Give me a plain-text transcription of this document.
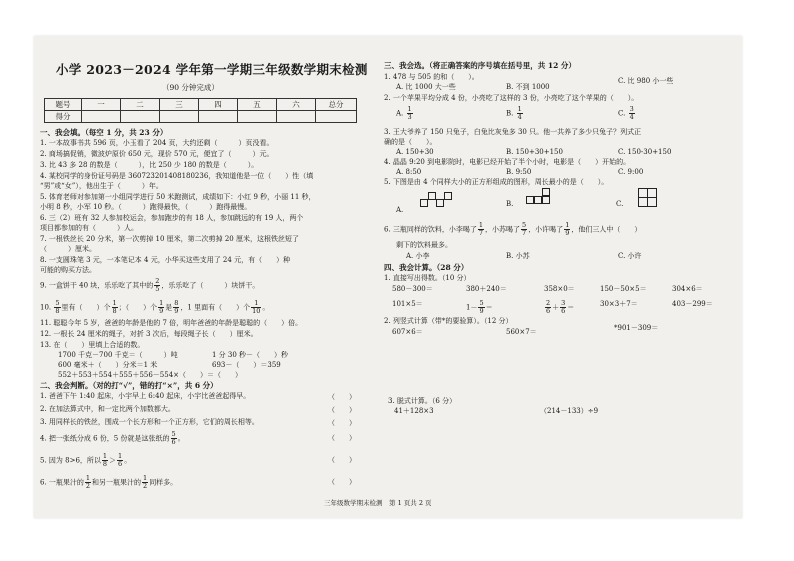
小学 2023－2024 学年第一学期三年级数学期末检测
（90 分钟完成）
题号	一	二	三	四	五	六	总分
得分							
一、我会填。（每空 1 分，共 23 分）
1. 一本故事书共 596 页，小玉看了 204 页，大约还剩（　　　）页没看。
2. 商场搞促销，微波炉原价 650 元，现价 570 元，便宜了（　　　）元。
3. 比 43 多 28 的数是（　　　），比 250 少 180 的数是（　　　）。
4. 某校同学的身份证号码是 360723201408180236，我知道他是一位（　　）性（填
“男”或“女”），他出生于（　　　）年。
5. 体育老师对参加第一小组同学进行 50 米跑测试，成绩如下：小红 9 秒，小丽 11 秒，
小明 8 秒，小军 10 秒。（　　　）跑得最快，（　　　）跑得最慢。
6. 三（2）班有 32 人参加校运会，参加跑步的有 18 人，参加跳远的有 19 人，两个
项目都参加的有（　　　）人。
7. 一根铁丝长 20 分米，第一次剪掉 10 厘米，第二次剪掉 20 厘米，这根铁丝短了
（　　　）厘米。
8. 一支圆珠笔 3 元，一本笔记本 4 元，小华买这些支用了 24 元，有（　　）种
可能的购买方法。
9. 一盒饼干 40 块，乐乐吃了其中的 $\frac{2}{5}$ ，乐乐吃了（　　　）块饼干。
10. $\frac{5}{8}$ 里有（　　）个 $\frac{1}{8}$ ；（　　）个 $\frac{1}{9}$ 是 $\frac{8}{9}$ ，1 里面有（　　）个 $\frac{1}{10}$ 。
11. 聪聪今年 5 岁，爸爸的年龄是他的 7 倍，明年爸爸的年龄是聪聪的（　　）倍。
12. 一根长 24 厘米的绳子，对折 3 次后，每段绳子长（　　）厘米。
13. 在（　　）里填上合适的数。
1700 千克－700 千克＝（　　　）吨	1 分 30 秒－（　　）秒
600 毫米＋（　　）分米＝1 米	693－（　　）＝359
552＋553＋554＋555＋556－554×（　　）＝（　　）
二、我会判断。（对的打“√”，错的打“×”，共 6 分）
1. 爸爸下午 1:40 起床，小宇早上 6:40 起床，小宇比爸爸起得早。
2. 在加法算式中，和一定比两个加数都大。
3. 用同样长的铁丝，围成一个长方形和一个正方形，它们的周长相等。
4. 把一张纸分成 6 份，5 份就是这张纸的 $\frac{5}{6}$ 。
5. 因为 8>6，所以 $\frac{1}{8} > \frac{1}{6}$ 。
6. 一瓶果汁的 $\frac{1}{2}$ 和另一瓶果汁的 $\frac{1}{2}$ 同样多。
（　　）
（　　）
（　　）
（　　）
（　　）
（　　）
三、我会选。（将正确答案的序号填在括号里，共 12 分）
1. 478 与 505 的和（　　）。
A. 比 1000 大一些	B. 不到 1000
C. 比 980 小一些
2. 一个苹果平均分成 4 份，小亮吃了这样的 3 份，小亮吃了这个苹果的（　　）。
A. $\frac{1}{3}$	B. $\frac{1}{4}$	C. $\frac{3}{4}$
3. 王大爷养了 150 只兔子，白兔比灰兔多 30 只。他一共养了多少只兔子？列式正
确的是（　　）。
A. 150+30	B. 150+30+150	C. 150-30+150
4. 晶晶 9:20 到电影院时，电影已经开始了半个小时，电影是（　　）开始的。
A. 8:50	B. 9:50	C. 9:00
5. 下图是由 4 个同样大小的正方形组成的图形，周长最小的是（　　）。
A.
B.	C.
6. 三瓶同样的饮料，小李喝了 $\frac{1}{7}$ ，小苏喝了 $\frac{5}{7}$ ，小许喝了 $\frac{1}{9}$ ，他们三人中（　　）
剩下的饮料最多。
A. 小李	B. 小苏	C. 小许
四、我会计算。（28 分）
1. 直接写出得数。（10 分）
580－300＝	380＋240＝	358×0＝	150－50×5＝	304×6＝
101×5＝	$1- \frac{5}{9}$ ＝	$\frac{2}{6} + \frac{3}{6}$ ＝	30×3＋7＝	403－299＝
2. 列竖式计算（带*的要验算）。（12 分）
607×6＝	560×7＝	*901－309＝
3. 脱式计算。（6 分）
41＋128×3	（214－133）÷9
三年级数学期末检测　第 1 页共 2 页
